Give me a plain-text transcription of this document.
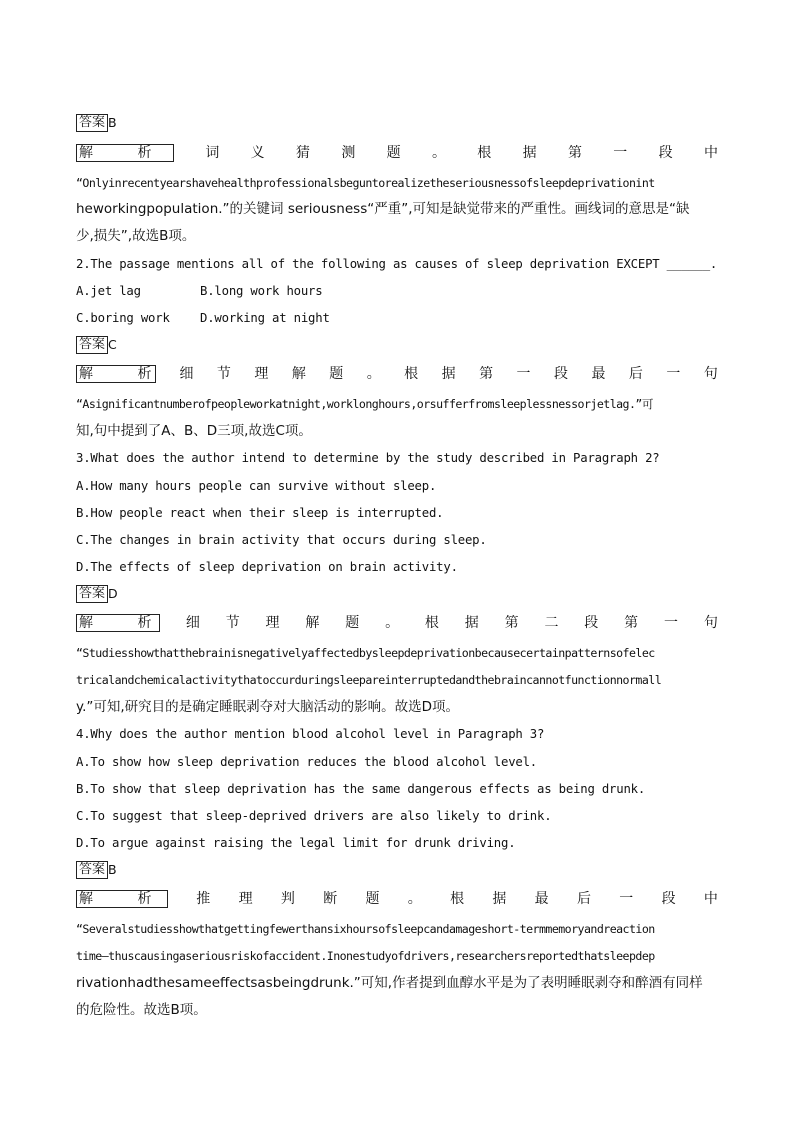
答案 B
解 析 词 义 猜 测 题 。 根 据 第 一 段 中
“Onlyinrecentyearshavehealthprofessionalsbeguntorealizetheseriousnessofsleepdeprivationint
heworkingpopulation.”的关键词 seriousness“严重”,可知是缺觉带来的严重性。画线词的意思是“缺
少,损失”,故选B项。
2.The passage mentions all of the following as causes of sleep deprivation EXCEPT ______.
A.jet lag	B.long work hours
C.boring work D.working at night
答案 C
解 析 细 节 理 解 题 。 根 据 第 一 段 最 后 一 句
“Asignificantnumberofpeopleworkatnight,worklonghours,orsufferfromsleeplessnessorjetlag.”可
知,句中提到了A、B、D三项,故选C项。
3.What does the author intend to determine by the study described in Paragraph 2?
A.How many hours people can survive without sleep.
B.How people react when their sleep is interrupted.
C.The changes in brain activity that occurs during sleep.
D.The effects of sleep deprivation on brain activity.
答案 D
解 析 细 节 理 解 题 。 根 据 第 二 段 第 一 句
“Studiesshowthatthebrainisnegativelyaffectedbysleepdeprivationbecausecertainpatternsofelec
tricalandchemicalactivitythatoccurduringsleepareinterruptedandthebraincannotfunctionnormall
y.”可知,研究目的是确定睡眠剥夺对大脑活动的影响。故选D项。
4.Why does the author mention blood alcohol level in Paragraph 3?
A.To show how sleep deprivation reduces the blood alcohol level.
B.To show that sleep deprivation has the same dangerous effects as being drunk.
C.To suggest that sleep-deprived drivers are also likely to drink.
D.To argue against raising the legal limit for drunk driving.
答案 B
解 析 推 理 判 断 题 。 根 据 最 后 一 段 中
“Severalstudiesshowthatgettingfewerthansixhoursofsleepcandamageshort-termmemoryandreaction
time—thuscausingaseriousriskofaccident.Inonestudyofdrivers,researchersreportedthatsleepdep
rivationhadthesameeffectsasbeingdrunk.”可知,作者提到血醇水平是为了表明睡眠剥夺和醉酒有同样
的危险性。故选B项。
